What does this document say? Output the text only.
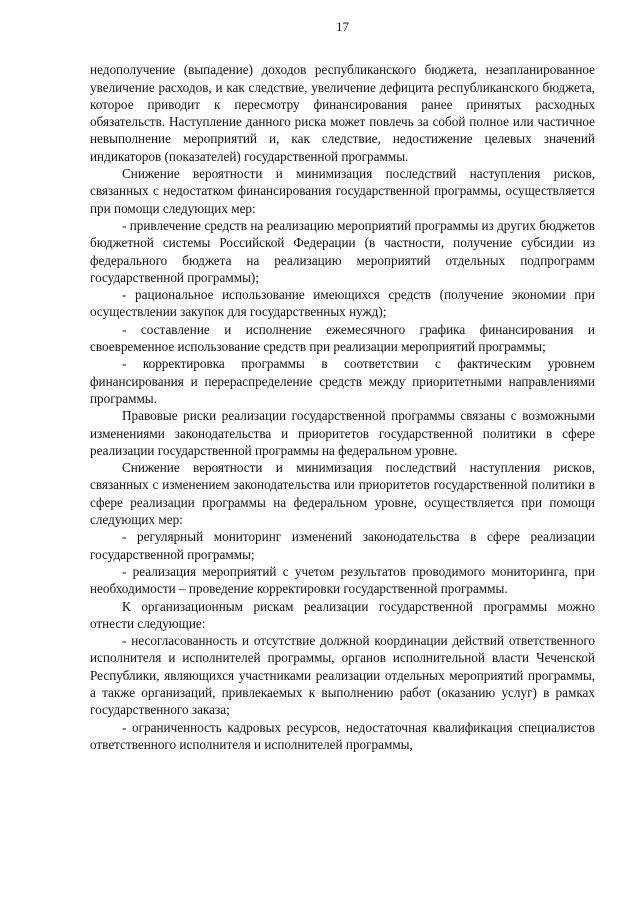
17

недополучение (выпадение) доходов республиканского бюджета, незапланированное увеличение расходов, и как следствие, увеличение дефицита республиканского бюджета, которое приводит к пересмотру финансирования ранее принятых расходных обязательств. Наступление данного риска может повлечь за собой полное или частичное невыполнение мероприятий и, как следствие, недостижение целевых значений индикаторов (показателей) государственной программы.

Снижение вероятности и минимизация последствий наступления рисков, связанных с недостатком финансирования государственной программы, осуществляется при помощи следующих мер:

- привлечение средств на реализацию мероприятий программы из других бюджетов бюджетной системы Российской Федерации (в частности, получение субсидии из федерального бюджета на реализацию мероприятий отдельных подпрограмм государственной программы);

- рациональное использование имеющихся средств (получение экономии при осуществлении закупок для государственных нужд);

- составление и исполнение ежемесячного графика финансирования и своевременное использование средств при реализации мероприятий программы;

- корректировка программы в соответствии с фактическим уровнем финансирования и перераспределение средств между приоритетными направлениями программы.

Правовые риски реализации государственной программы связаны с возможными изменениями законодательства и приоритетов государственной политики в сфере реализации государственной программы на федеральном уровне.

Снижение вероятности и минимизация последствий наступления рисков, связанных с изменением законодательства или приоритетов государственной политики в сфере реализации программы на федеральном уровне, осуществляется при помощи следующих мер:

- регулярный мониторинг изменений законодательства в сфере реализации государственной программы;

- реализация мероприятий с учетом результатов проводимого мониторинга, при необходимости – проведение корректировки государственной программы.

К организационным рискам реализации государственной программы можно отнести следующие:

- несогласованность и отсутствие должной координации действий ответственного исполнителя и исполнителей программы, органов исполнительной власти Чеченской Республики, являющихся участниками реализации отдельных мероприятий программы, а также организаций, привлекаемых к выполнению работ (оказанию услуг) в рамках государственного заказа;

- ограниченность кадровых ресурсов, недостаточная квалификация специалистов ответственного исполнителя и исполнителей программы,
